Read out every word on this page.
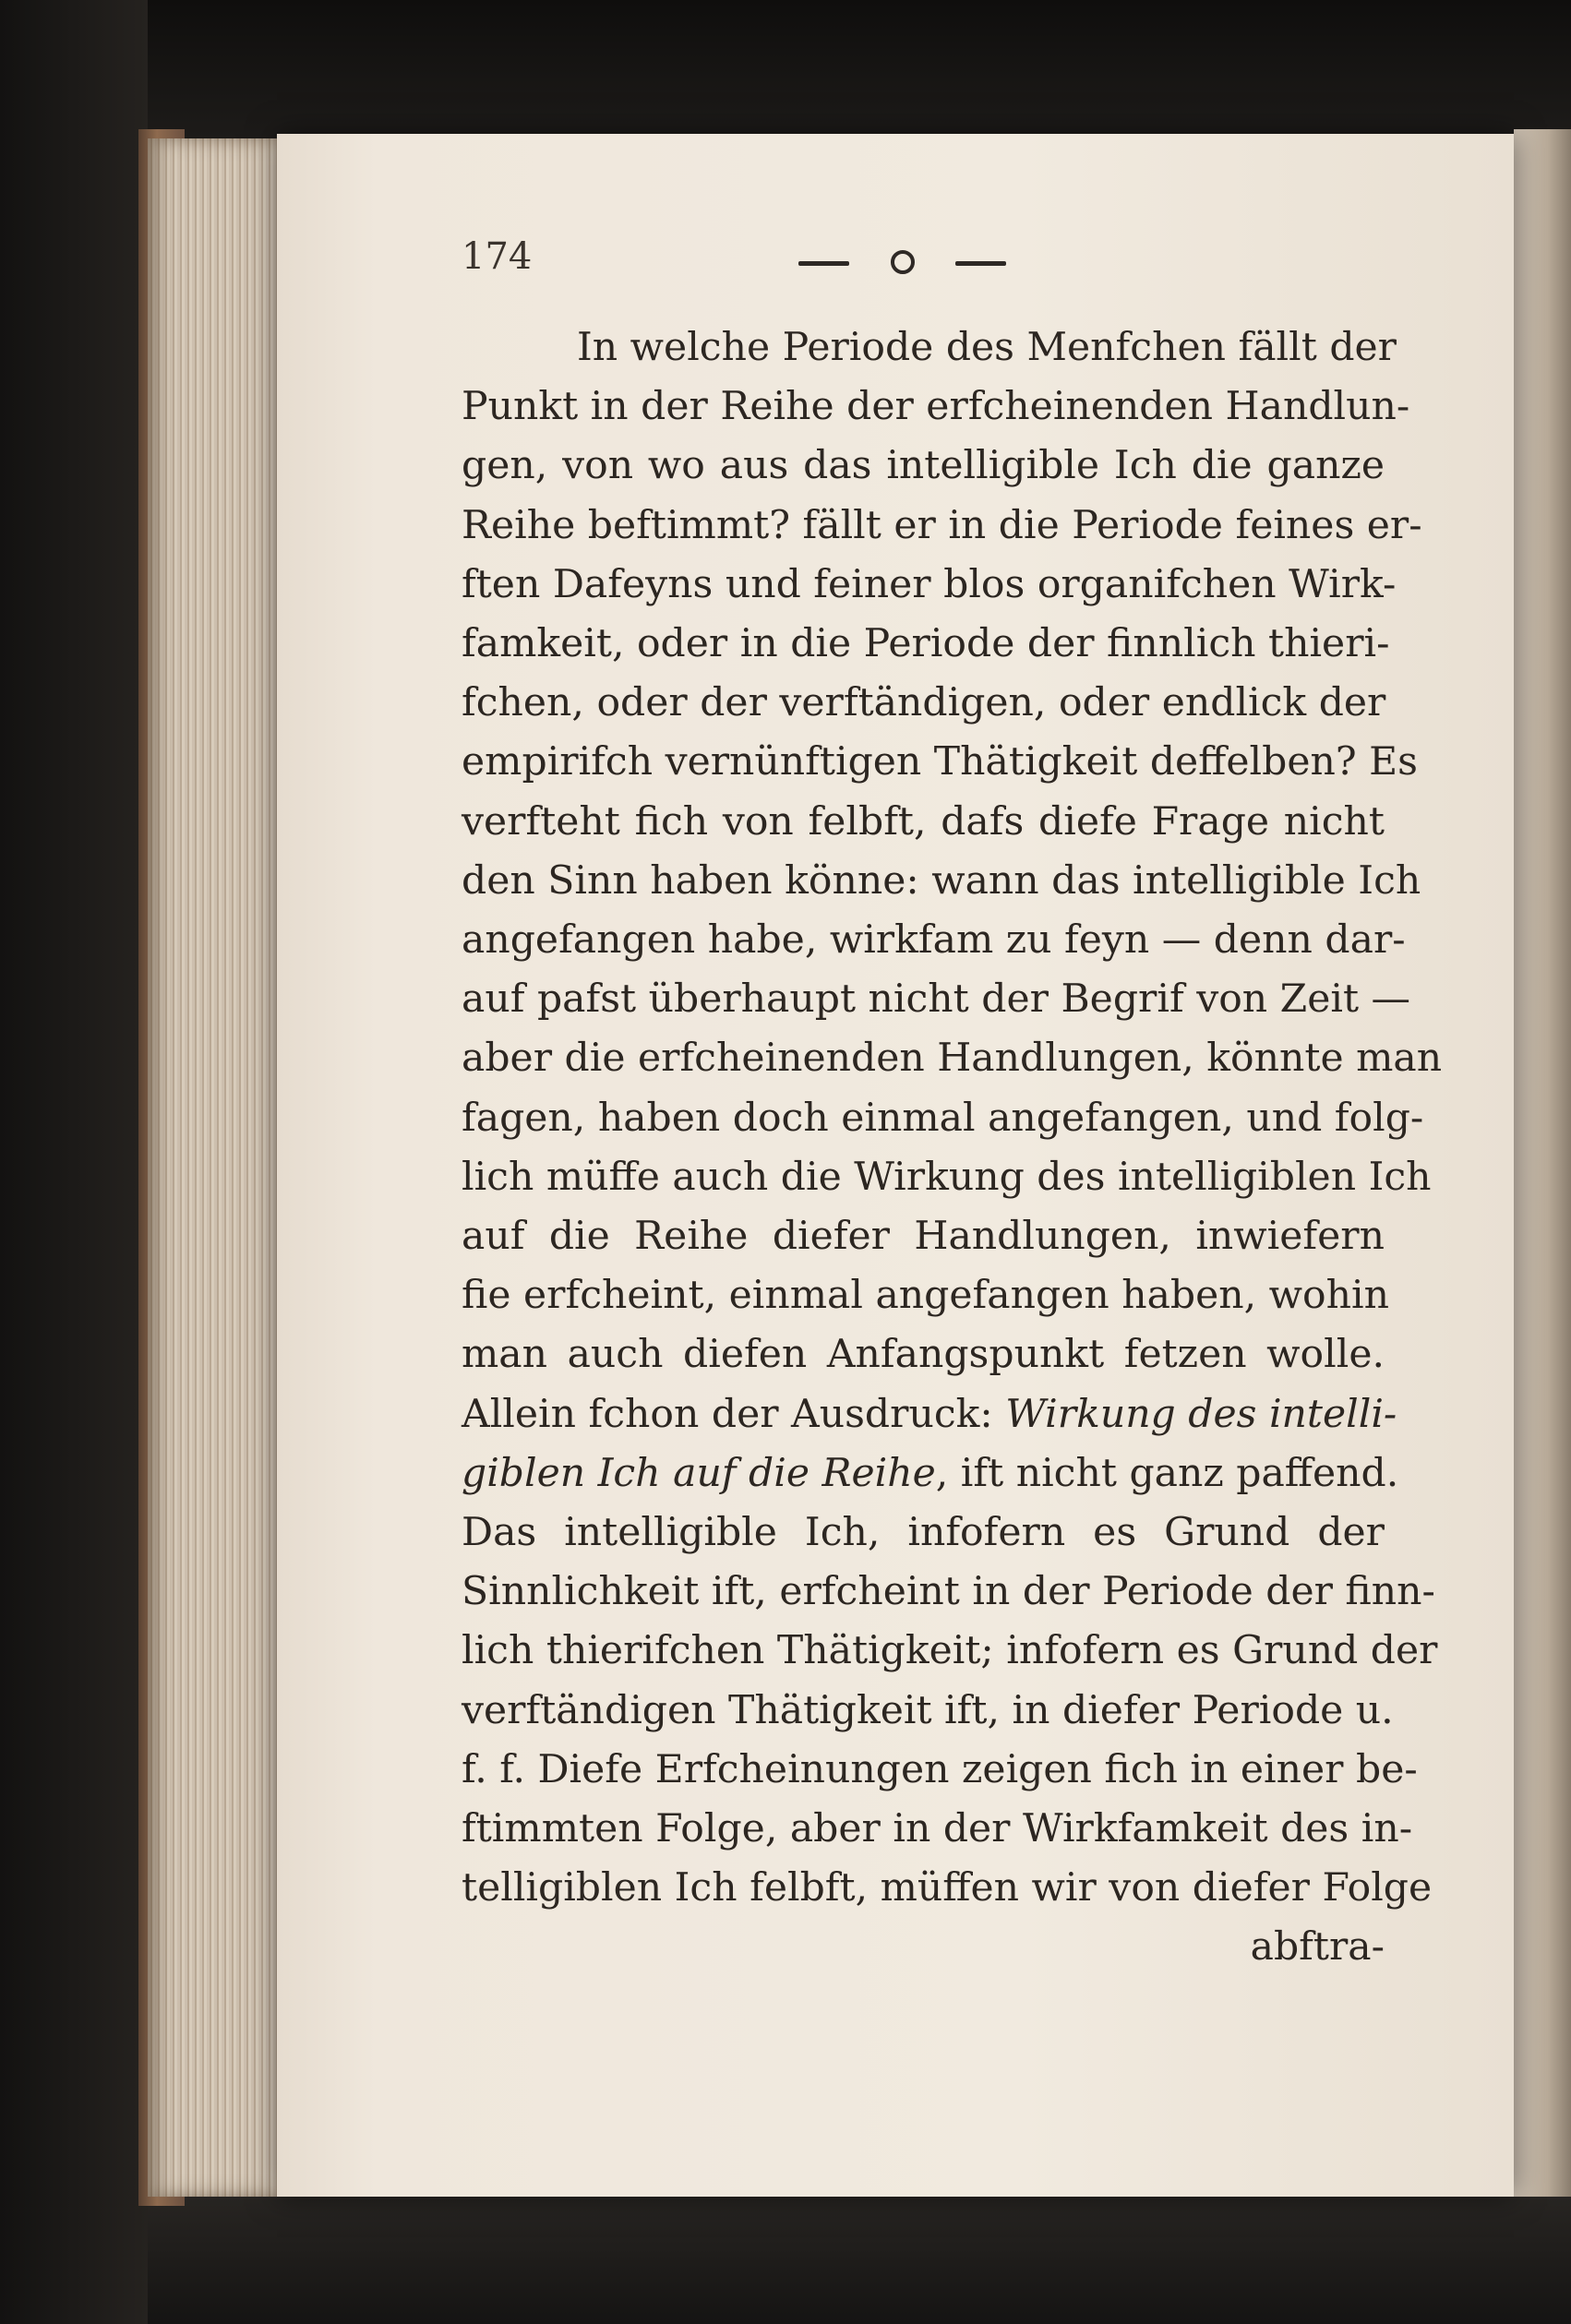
174
In welche Periode des Menfchen fällt der
Punkt in der Reihe der erfcheinenden Handlun-
gen, von wo aus das intelligible Ich die ganze
Reihe beftimmt? fällt er in die Periode feines er-
ften Dafeyns und feiner blos organifchen Wirk-
famkeit, oder in die Periode der finnlich thieri-
fchen, oder der verftändigen, oder endlick der
empirifch vernünftigen Thätigkeit deffelben? Es
verfteht fich von felbft, dafs diefe Frage nicht
den Sinn haben könne: wann das intelligible Ich
angefangen habe, wirkfam zu feyn — denn dar-
auf pafst überhaupt nicht der Begrif von Zeit —
aber die erfcheinenden Handlungen, könnte man
fagen, haben doch einmal angefangen, und folg-
lich müffe auch die Wirkung des intelligiblen Ich
auf die Reihe diefer Handlungen, inwiefern
fie erfcheint, einmal angefangen haben, wohin
man auch diefen Anfangspunkt fetzen wolle.
Allein fchon der Ausdruck: Wirkung des intelli-
giblen Ich auf die Reihe, ift nicht ganz paffend.
Das intelligible Ich, infofern es Grund der
Sinnlichkeit ift, erfcheint in der Periode der finn-
lich thierifchen Thätigkeit; infofern es Grund der
verftändigen Thätigkeit ift, in diefer Periode u.
f. f. Diefe Erfcheinungen zeigen fich in einer be-
ftimmten Folge, aber in der Wirkfamkeit des in-
telligiblen Ich felbft, müffen wir von diefer Folge
abftra-
